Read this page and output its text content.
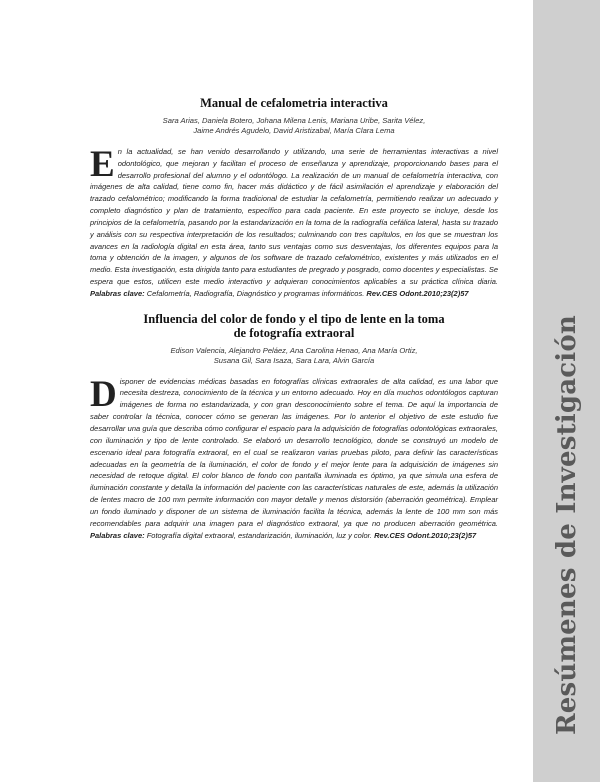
Resúmenes de Investigación
Manual de cefalometria interactiva

Sara Arias, Daniela Botero, Johana Milena Lenis, Mariana Uribe, Sarita Vélez,
Jaime Andrés Agudelo, David Aristizabal, María Clara Lema

En la actualidad, se han venido desarrollando y utilizando, una serie de herramientas interactivas a nivel odontológico, que mejoran y facilitan el proceso de enseñanza y aprendizaje, proporcionando bases para el desarrollo profesional del alumno y el odontólogo. La realización de un manual de cefalometría interactiva, con imágenes de alta calidad, tiene como fin, hacer más didáctico y de fácil asimilación el aprendizaje y elaboración del trazado cefalométrico; modificando la forma tradicional de estudiar la cefalometría, permitiendo realizar un adecuado y completo diagnóstico y plan de tratamiento, específico para cada paciente. En este proyecto se incluye, desde los principios de la cefalometría, pasando por la estandarización en la toma de la radiografía cefálica lateral, hasta su trazado y análisis con su respectiva interpretación de los resultados; culminando con tres capítulos, en los que se muestran los avances en la radiología digital en esta área, tanto sus ventajas como sus desventajas, los diferentes equipos para la toma y obtención de la imagen, y algunos de los software de trazado cefalométrico, existentes y más utilizados en el medio. Esta investigación, esta dirigida tanto para estudiantes de pregrado y posgrado, como docentes y especialistas. Se espera que estos, utilicen este medio interactivo y adquieran conocimientos aplicables a su práctica clínica diaria. Palabras clave: Cefalometría, Radiografía, Diagnóstico y programas informáticos. Rev.CES Odont.2010;23(2)57

Influencia del color de fondo y el tipo de lente en la toma
de fotografía extraoral

Edison Valencia, Alejandro Peláez, Ana Carolina Henao, Ana María Ortiz,
Susana Gil, Sara Isaza, Sara Lara, Alvin García

Disponer de evidencias médicas basadas en fotografías clínicas extraorales de alta calidad, es una labor que necesita destreza, conocimiento de la técnica y un entorno adecuado. Hoy en día muchos odontólogos capturan imágenes de forma no estandarizada, y con gran desconocimiento sobre el tema. De aquí la importancia de saber controlar la técnica, conocer cómo se generan las imágenes. Por lo anterior el objetivo de este estudio fue desarrollar una guía que describa cómo configurar el espacio para la adquisición de fotografías odontológicas extraorales, con iluminación y tipo de lente controlado. Se elaboró un desarrollo tecnológico, donde se construyó un modelo de escenario ideal para fotografía extraoral, en el cual se realizaron varias pruebas piloto, para definir las características adecuadas en la geometría de la iluminación, el color de fondo y el mejor lente para la adquisición de imágenes sin necesidad de retoque digital. El color blanco de fondo con pantalla iluminada es óptimo, ya que simula una esfera de iluminación constante y detalla la información del paciente con las características naturales de este, además la utilización de lentes macro de 100 mm permite información con mayor detalle y menos distorsión (aberración geométrica). Emplear un fondo iluminado y disponer de un sistema de iluminación facilita la técnica, además la lente de 100 mm son más recomendables para adquirir una imagen para el diagnóstico extraoral, ya que no producen aberración geométrica. Palabras clave: Fotografía digital extraoral, estandarización, iluminación, luz y color. Rev.CES Odont.2010;23(2)57
